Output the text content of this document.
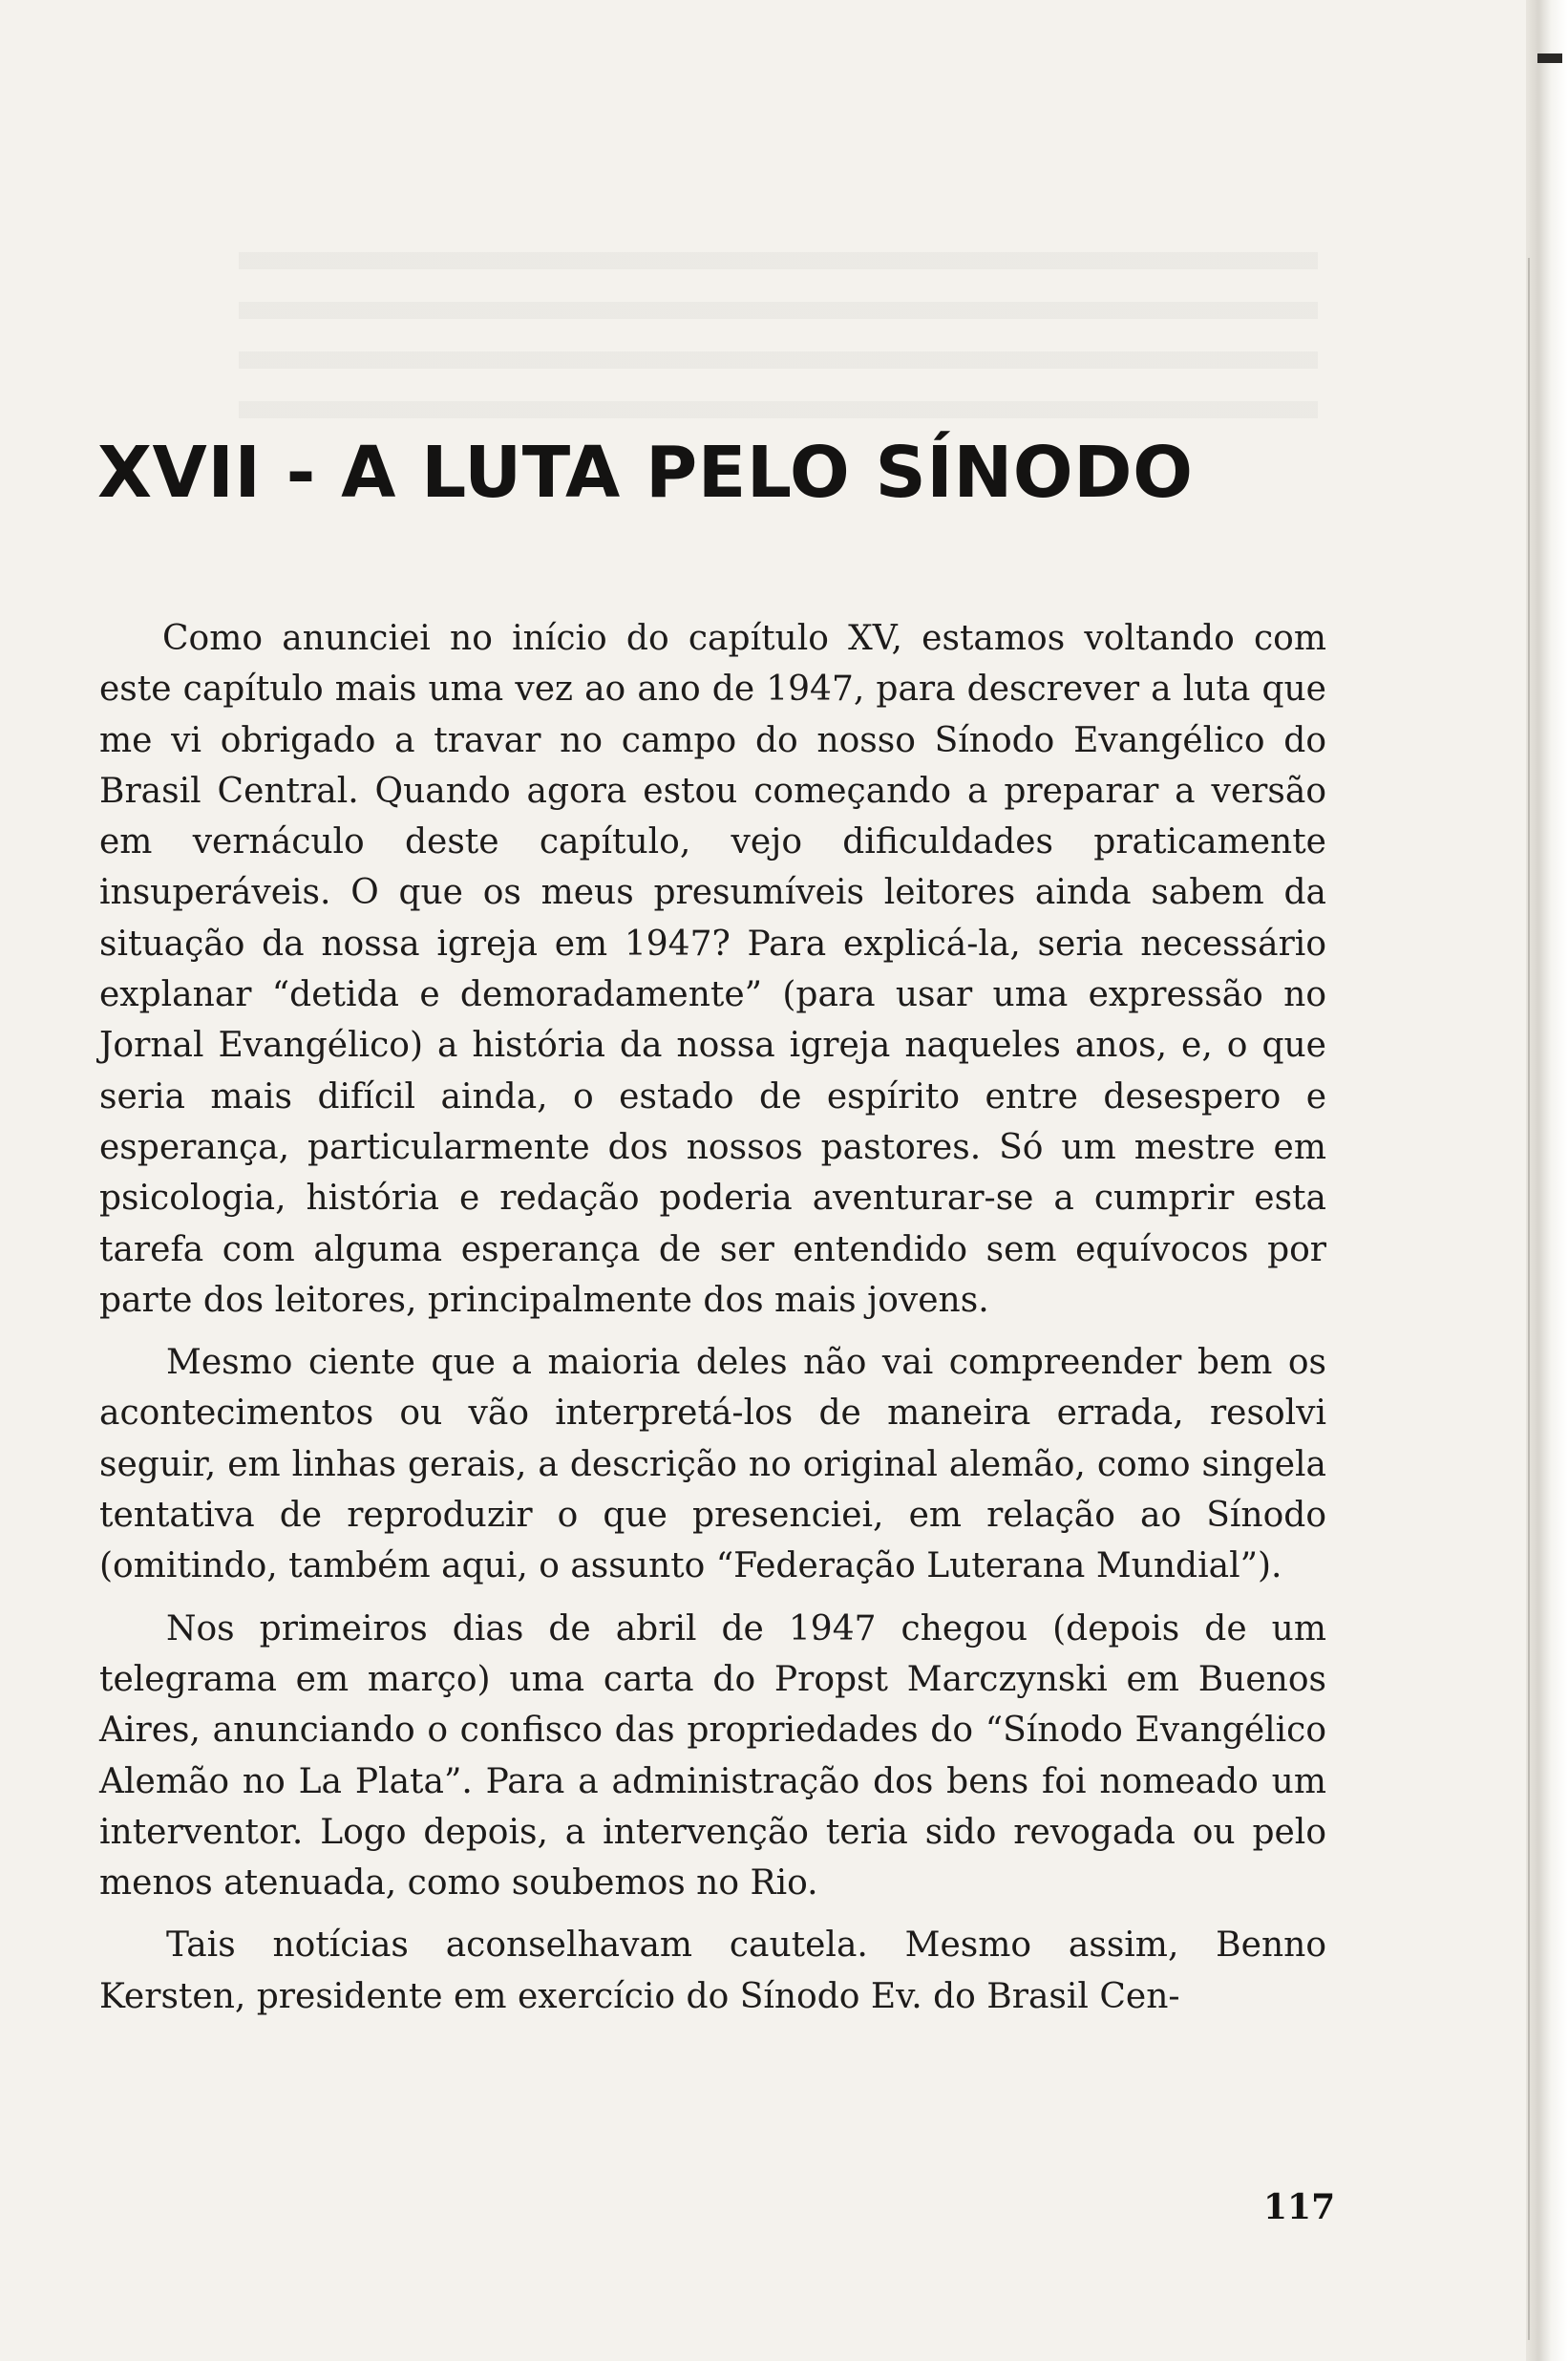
XVII - A LUTA PELO SÍNODO

Como anunciei no início do capítulo XV, estamos voltando com este capítulo mais uma vez ao ano de 1947, para descrever a luta que me vi obrigado a travar no campo do nosso Sínodo Evangélico do Brasil Central. Quando agora estou começando a preparar a versão em vernáculo deste capítulo, vejo dificuldades praticamente insuperáveis. O que os meus presumíveis leitores ainda sabem da situação da nossa igreja em 1947? Para explicá-la, seria necessário explanar “detida e demoradamente” (para usar uma expressão no Jornal Evangélico) a história da nossa igreja naqueles anos, e, o que seria mais difícil ainda, o estado de espírito entre desespero e esperança, particularmente dos nossos pastores. Só um mestre em psicologia, história e redação poderia aventurar-se a cumprir esta tarefa com alguma esperança de ser entendido sem equívocos por parte dos leitores, principalmente dos mais jovens.

Mesmo ciente que a maioria deles não vai compreender bem os acontecimentos ou vão interpretá-los de maneira errada, resolvi seguir, em linhas gerais, a descrição no original alemão, como singela tentativa de reproduzir o que presenciei, em relação ao Sínodo (omitindo, também aqui, o assunto “Federação Luterana Mundial”).

Nos primeiros dias de abril de 1947 chegou (depois de um telegrama em março) uma carta do Propst Marczynski em Buenos Aires, anunciando o confisco das propriedades do “Sínodo Evangélico Alemão no La Plata”. Para a administração dos bens foi nomeado um interventor. Logo depois, a intervenção teria sido revogada ou pelo menos atenuada, como soubemos no Rio.

Tais notícias aconselhavam cautela. Mesmo assim, Benno Kersten, presidente em exercício do Sínodo Ev. do Brasil Cen-

117
